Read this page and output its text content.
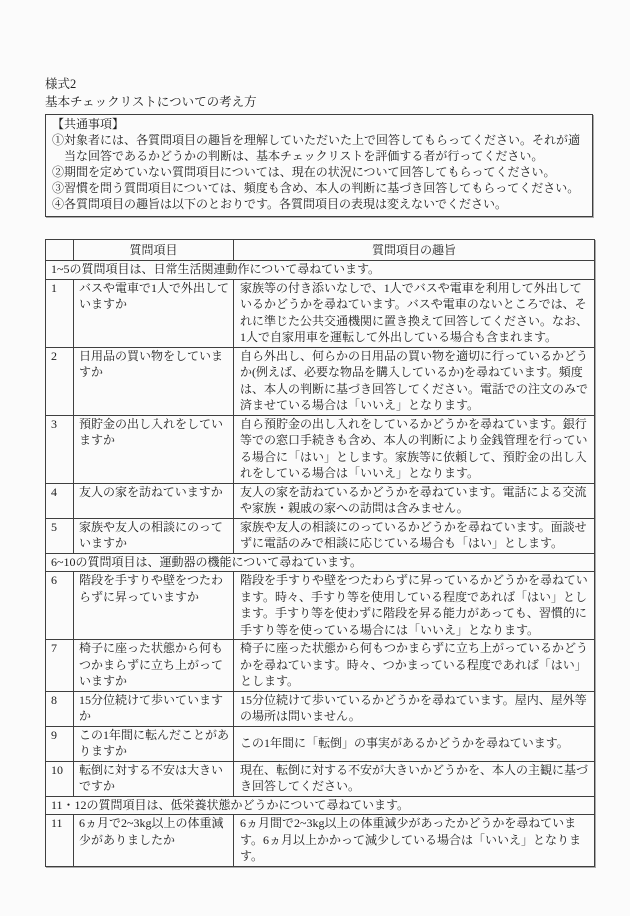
様式2
基本チェックリストについての考え方
【共通事項】
①対象者には、各質問項目の趣旨を理解していただいた上で回答してもらってください。それが適当な回答であるかどうかの判断は、基本チェックリストを評価する者が行ってください。
②期間を定めていない質問項目については、現在の状況について回答してもらってください。
③習慣を問う質問項目については、頻度も含め、本人の判断に基づき回答してもらってください。
④各質問項目の趣旨は以下のとおりです。各質問項目の表現は変えないでください。
	質問項目	質問項目の趣旨
1~5の質問項目は、日常生活関連動作について尋ねています。		
1	バスや電車で1人で外出していますか	家族等の付き添いなしで、1人でバスや電車を利用して外出しているかどうかを尋ねています。バスや電車のないところでは、それに準じた公共交通機関に置き換えて回答してください。なお、1人で自家用車を運転して外出している場合も含まれます。
2	日用品の買い物をしていますか	自ら外出し、何らかの日用品の買い物を適切に行っているかどうか(例えば、必要な物品を購入しているか)を尋ねています。頻度は、本人の判断に基づき回答してください。電話での注文のみで済ませている場合は「いいえ」となります。
3	預貯金の出し入れをしていますか	自ら預貯金の出し入れをしているかどうかを尋ねています。銀行等での窓口手続きも含め、本人の判断により金銭管理を行っている場合に「はい」とします。家族等に依頼して、預貯金の出し入れをしている場合は「いいえ」となります。
4	友人の家を訪ねていますか	友人の家を訪ねているかどうかを尋ねています。電話による交流や家族・親戚の家への訪問は含みません。
5	家族や友人の相談にのっていますか	家族や友人の相談にのっているかどうかを尋ねています。面談せずに電話のみで相談に応じている場合も「はい」とします。
6~10の質問項目は、運動器の機能について尋ねています。		
6	階段を手すりや壁をつたわらずに昇っていますか	階段を手すりや壁をつたわらずに昇っているかどうかを尋ねています。時々、手すり等を使用している程度であれば「はい」とします。手すり等を使わずに階段を昇る能力があっても、習慣的に手すり等を使っている場合には「いいえ」となります。
7	椅子に座った状態から何もつかまらずに立ち上がっていますか	椅子に座った状態から何もつかまらずに立ち上がっているかどうかを尋ねています。時々、つかまっている程度であれば「はい」とします。
8	15分位続けて歩いていますか	15分位続けて歩いているかどうかを尋ねています。屋内、屋外等の場所は問いません。
9	この1年間に転んだことがありますか	この1年間に「転倒」の事実があるかどうかを尋ねています。
10	転倒に対する不安は大きいですか	現在、転倒に対する不安が大きいかどうかを、本人の主観に基づき回答してください。
11・12の質問項目は、低栄養状態かどうかについて尋ねています。		
11	6ヵ月で2~3kg以上の体重減少がありましたか	6ヵ月間で2~3kg以上の体重減少があったかどうかを尋ねています。6ヵ月以上かかって減少している場合は「いいえ」となります。
